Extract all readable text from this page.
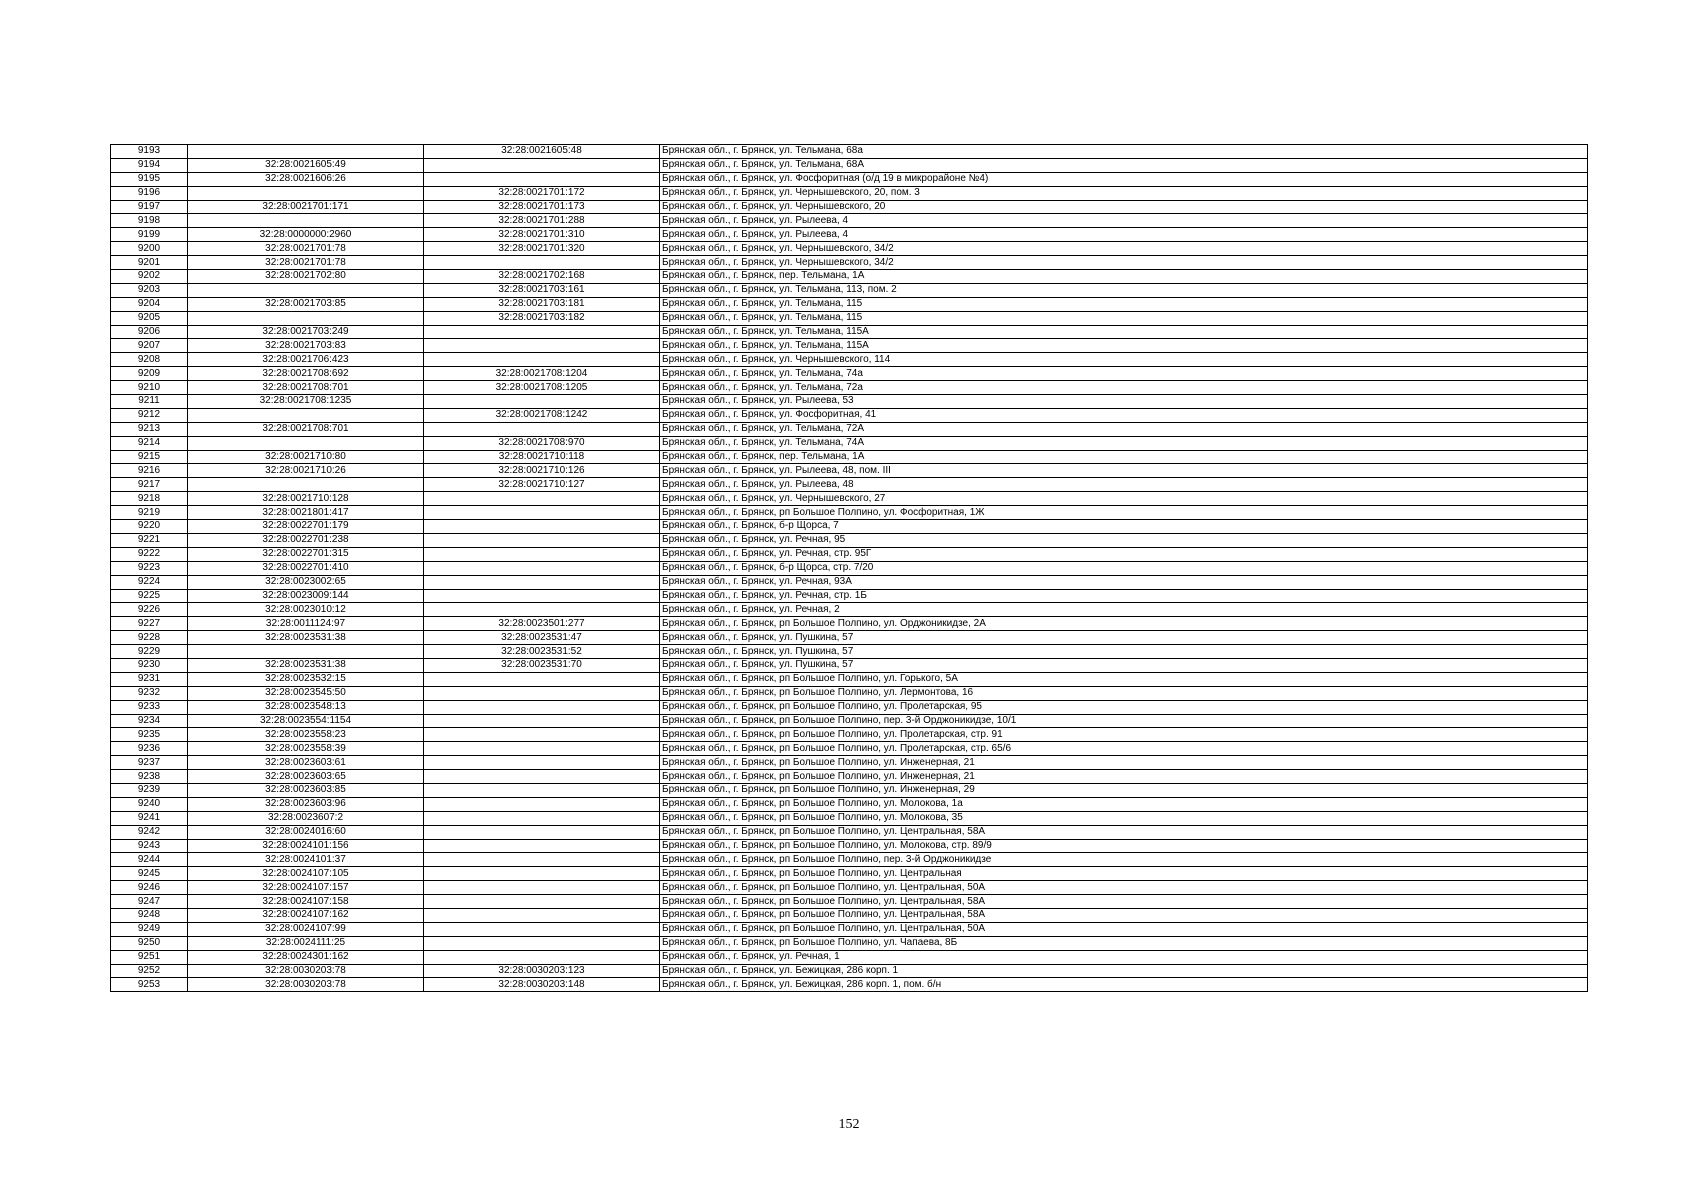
9193		32:28:0021605:48	Брянская обл., г. Брянск, ул. Тельмана, 68а
9194	32:28:0021605:49		Брянская обл., г. Брянск, ул. Тельмана, 68А
9195	32:28:0021606:26		Брянская обл., г. Брянск, ул. Фосфоритная (о/д 19 в микрорайоне №4)
9196		32:28:0021701:172	Брянская обл., г. Брянск, ул. Чернышевского, 20, пом. 3
9197	32:28:0021701:171	32:28:0021701:173	Брянская обл., г. Брянск, ул. Чернышевского, 20
9198		32:28:0021701:288	Брянская обл., г. Брянск, ул. Рылеева, 4
9199	32:28:0000000:2960	32:28:0021701:310	Брянская обл., г. Брянск, ул. Рылеева, 4
9200	32:28:0021701:78	32:28:0021701:320	Брянская обл., г. Брянск, ул. Чернышевского, 34/2
9201	32:28:0021701:78		Брянская обл., г. Брянск, ул. Чернышевского, 34/2
9202	32:28:0021702:80	32:28:0021702:168	Брянская обл., г. Брянск, пер. Тельмана, 1А
9203		32:28:0021703:161	Брянская обл., г. Брянск, ул. Тельмана, 113, пом. 2
9204	32:28:0021703:85	32:28:0021703:181	Брянская обл., г. Брянск, ул. Тельмана, 115
9205		32:28:0021703:182	Брянская обл., г. Брянск, ул. Тельмана, 115
9206	32:28:0021703:249		Брянская обл., г. Брянск, ул. Тельмана, 115А
9207	32:28:0021703:83		Брянская обл., г. Брянск, ул. Тельмана, 115А
9208	32:28:0021706:423		Брянская обл., г. Брянск, ул. Чернышевского, 114
9209	32:28:0021708:692	32:28:0021708:1204	Брянская обл., г. Брянск, ул. Тельмана, 74а
9210	32:28:0021708:701	32:28:0021708:1205	Брянская обл., г. Брянск, ул. Тельмана, 72а
9211	32:28:0021708:1235		Брянская обл., г. Брянск, ул. Рылеева, 53
9212		32:28:0021708:1242	Брянская обл., г. Брянск, ул. Фосфоритная, 41
9213	32:28:0021708:701		Брянская обл., г. Брянск, ул. Тельмана, 72А
9214		32:28:0021708:970	Брянская обл., г. Брянск, ул. Тельмана, 74А
9215	32:28:0021710:80	32:28:0021710:118	Брянская обл., г. Брянск, пер. Тельмана, 1А
9216	32:28:0021710:26	32:28:0021710:126	Брянская обл., г. Брянск, ул. Рылеева, 48, пом. III
9217		32:28:0021710:127	Брянская обл., г. Брянск, ул. Рылеева, 48
9218	32:28:0021710:128		Брянская обл., г. Брянск, ул. Чернышевского, 27
9219	32:28:0021801:417		Брянская обл., г. Брянск, рп Большое Полпино, ул. Фосфоритная, 1Ж
9220	32:28:0022701:179		Брянская обл., г. Брянск, б-р Щорса, 7
9221	32:28:0022701:238		Брянская обл., г. Брянск, ул. Речная, 95
9222	32:28:0022701:315		Брянская обл., г. Брянск, ул. Речная, стр. 95Г
9223	32:28:0022701:410		Брянская обл., г. Брянск, б-р Щорса, стр. 7/20
9224	32:28:0023002:65		Брянская обл., г. Брянск, ул. Речная, 93А
9225	32:28:0023009:144		Брянская обл., г. Брянск, ул. Речная, стр. 1Б
9226	32:28:0023010:12		Брянская обл., г. Брянск, ул. Речная, 2
9227	32:28:0011124:97	32:28:0023501:277	Брянская обл., г. Брянск, рп Большое Полпино, ул. Орджоникидзе, 2А
9228	32:28:0023531:38	32:28:0023531:47	Брянская обл., г. Брянск, ул. Пушкина, 57
9229		32:28:0023531:52	Брянская обл., г. Брянск, ул. Пушкина, 57
9230	32:28:0023531:38	32:28:0023531:70	Брянская обл., г. Брянск, ул. Пушкина, 57
9231	32:28:0023532:15		Брянская обл., г. Брянск, рп Большое Полпино, ул. Горького, 5А
9232	32:28:0023545:50		Брянская обл., г. Брянск, рп Большое Полпино, ул. Лермонтова, 16
9233	32:28:0023548:13		Брянская обл., г. Брянск, рп Большое Полпино, ул. Пролетарская, 95
9234	32:28:0023554:1154		Брянская обл., г. Брянск, рп Большое Полпино, пер. 3-й Орджоникидзе, 10/1
9235	32:28:0023558:23		Брянская обл., г. Брянск, рп Большое Полпино, ул. Пролетарская, стр. 91
9236	32:28:0023558:39		Брянская обл., г. Брянск, рп Большое Полпино, ул. Пролетарская, стр. 65/6
9237	32:28:0023603:61		Брянская обл., г. Брянск, рп Большое Полпино, ул. Инженерная, 21
9238	32:28:0023603:65		Брянская обл., г. Брянск, рп Большое Полпино, ул. Инженерная, 21
9239	32:28:0023603:85		Брянская обл., г. Брянск, рп Большое Полпино, ул. Инженерная, 29
9240	32:28:0023603:96		Брянская обл., г. Брянск, рп Большое Полпино, ул. Молокова, 1а
9241	32:28:0023607:2		Брянская обл., г. Брянск, рп Большое Полпино, ул. Молокова, 35
9242	32:28:0024016:60		Брянская обл., г. Брянск, рп Большое Полпино, ул. Центральная, 58А
9243	32:28:0024101:156		Брянская обл., г. Брянск, рп Большое Полпино, ул. Молокова, стр. 89/9
9244	32:28:0024101:37		Брянская обл., г. Брянск, рп Большое Полпино, пер. 3-й Орджоникидзе
9245	32:28:0024107:105		Брянская обл., г. Брянск, рп Большое Полпино, ул. Центральная
9246	32:28:0024107:157		Брянская обл., г. Брянск, рп Большое Полпино, ул. Центральная, 50А
9247	32:28:0024107:158		Брянская обл., г. Брянск, рп Большое Полпино, ул. Центральная, 58А
9248	32:28:0024107:162		Брянская обл., г. Брянск, рп Большое Полпино, ул. Центральная, 58А
9249	32:28:0024107:99		Брянская обл., г. Брянск, рп Большое Полпино, ул. Центральная, 50А
9250	32:28:0024111:25		Брянская обл., г. Брянск, рп Большое Полпино, ул. Чапаева, 8Б
9251	32:28:0024301:162		Брянская обл., г. Брянск, ул. Речная, 1
9252	32:28:0030203:78	32:28:0030203:123	Брянская обл., г. Брянск, ул. Бежицкая, 286 корп. 1
9253	32:28:0030203:78	32:28:0030203:148	Брянская обл., г. Брянск, ул. Бежицкая, 286 корп. 1, пом. б/н
152
